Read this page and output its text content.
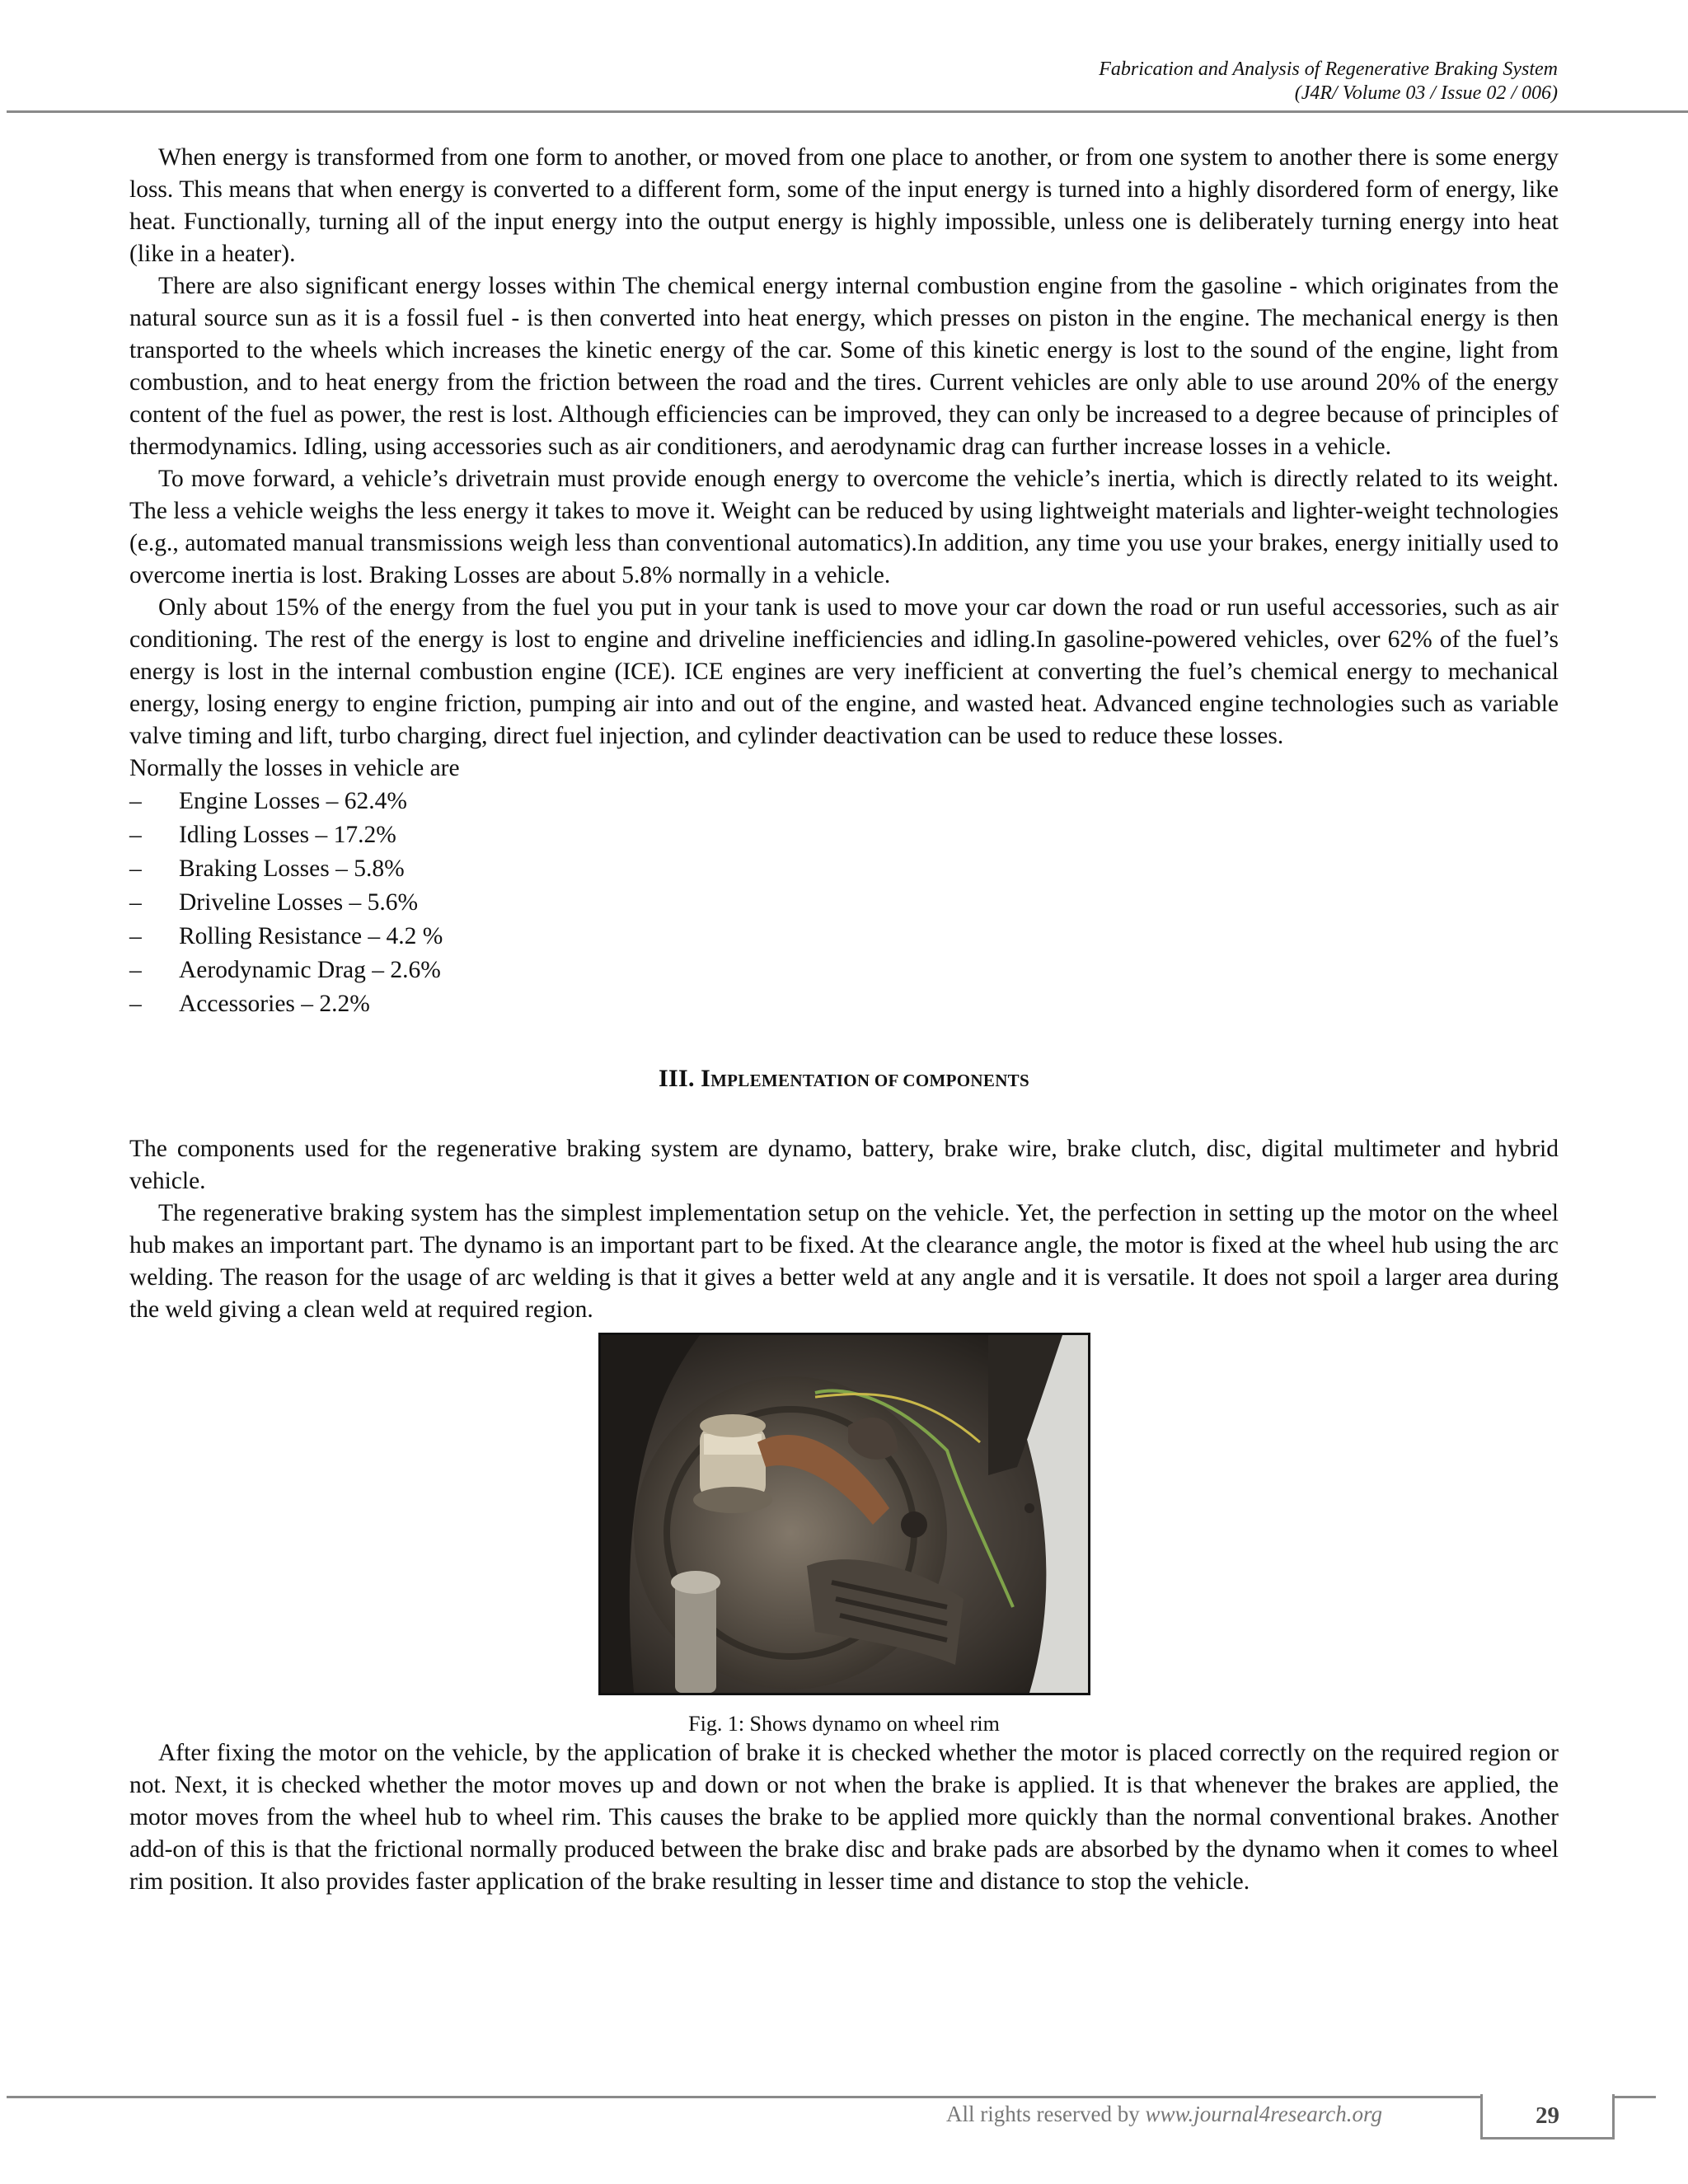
Fabrication and Analysis of Regenerative Braking System
(J4R/ Volume 03 / Issue 02 / 006)

When energy is transformed from one form to another, or moved from one place to another, or from one system to another there is some energy loss. This means that when energy is converted to a different form, some of the input energy is turned into a highly disordered form of energy, like heat. Functionally, turning all of the input energy into the output energy is highly impossible, unless one is deliberately turning energy into heat (like in a heater).

There are also significant energy losses within The chemical energy internal combustion engine from the gasoline - which originates from the natural source sun as it is a fossil fuel - is then converted into heat energy, which presses on piston in the engine. The mechanical energy is then transported to the wheels which increases the kinetic energy of the car. Some of this kinetic energy is lost to the sound of the engine, light from combustion, and to heat energy from the friction between the road and the tires. Current vehicles are only able to use around 20% of the energy content of the fuel as power, the rest is lost. Although efficiencies can be improved, they can only be increased to a degree because of principles of thermodynamics. Idling, using accessories such as air conditioners, and aerodynamic drag can further increase losses in a vehicle.

To move forward, a vehicle’s drivetrain must provide enough energy to overcome the vehicle’s inertia, which is directly related to its weight. The less a vehicle weighs the less energy it takes to move it. Weight can be reduced by using lightweight materials and lighter-weight technologies (e.g., automated manual transmissions weigh less than conventional automatics).In addition, any time you use your brakes, energy initially used to overcome inertia is lost. Braking Losses are about 5.8% normally in a vehicle.

Only about 15% of the energy from the fuel you put in your tank is used to move your car down the road or run useful accessories, such as air conditioning. The rest of the energy is lost to engine and driveline inefficiencies and idling.In gasoline-powered vehicles, over 62% of the fuel’s energy is lost in the internal combustion engine (ICE). ICE engines are very inefficient at converting the fuel’s chemical energy to mechanical energy, losing energy to engine friction, pumping air into and out of the engine, and wasted heat. Advanced engine technologies such as variable valve timing and lift, turbo charging, direct fuel injection, and cylinder deactivation can be used to reduce these losses.

Normally the losses in vehicle are

– Engine Losses – 62.4%
– Idling Losses – 17.2%
– Braking Losses – 5.8%
– Driveline Losses – 5.6%
– Rolling Resistance – 4.2 %
– Aerodynamic Drag – 2.6%
– Accessories – 2.2%
III. IMPLEMENTATION OF COMPONENTS

The components used for the regenerative braking system are dynamo, battery, brake wire, brake clutch, disc, digital multimeter and hybrid vehicle.

The regenerative braking system has the simplest implementation setup on the vehicle. Yet, the perfection in setting up the motor on the wheel hub makes an important part. The dynamo is an important part to be fixed. At the clearance angle, the motor is fixed at the wheel hub using the arc welding. The reason for the usage of arc welding is that it gives a better weld at any angle and it is versatile. It does not spoil a larger area during the weld giving a clean weld at required region.

Fig. 1: Shows dynamo on wheel rim

After fixing the motor on the vehicle, by the application of brake it is checked whether the motor is placed correctly on the required region or not. Next, it is checked whether the motor moves up and down or not when the brake is applied. It is that whenever the brakes are applied, the motor moves from the wheel hub to wheel rim. This causes the brake to be applied more quickly than the normal conventional brakes. Another add-on of this is that the frictional normally produced between the brake disc and brake pads are absorbed by the dynamo when it comes to wheel rim position. It also provides faster application of the brake resulting in lesser time and distance to stop the vehicle.

All rights reserved by www.journal4research.org	29
